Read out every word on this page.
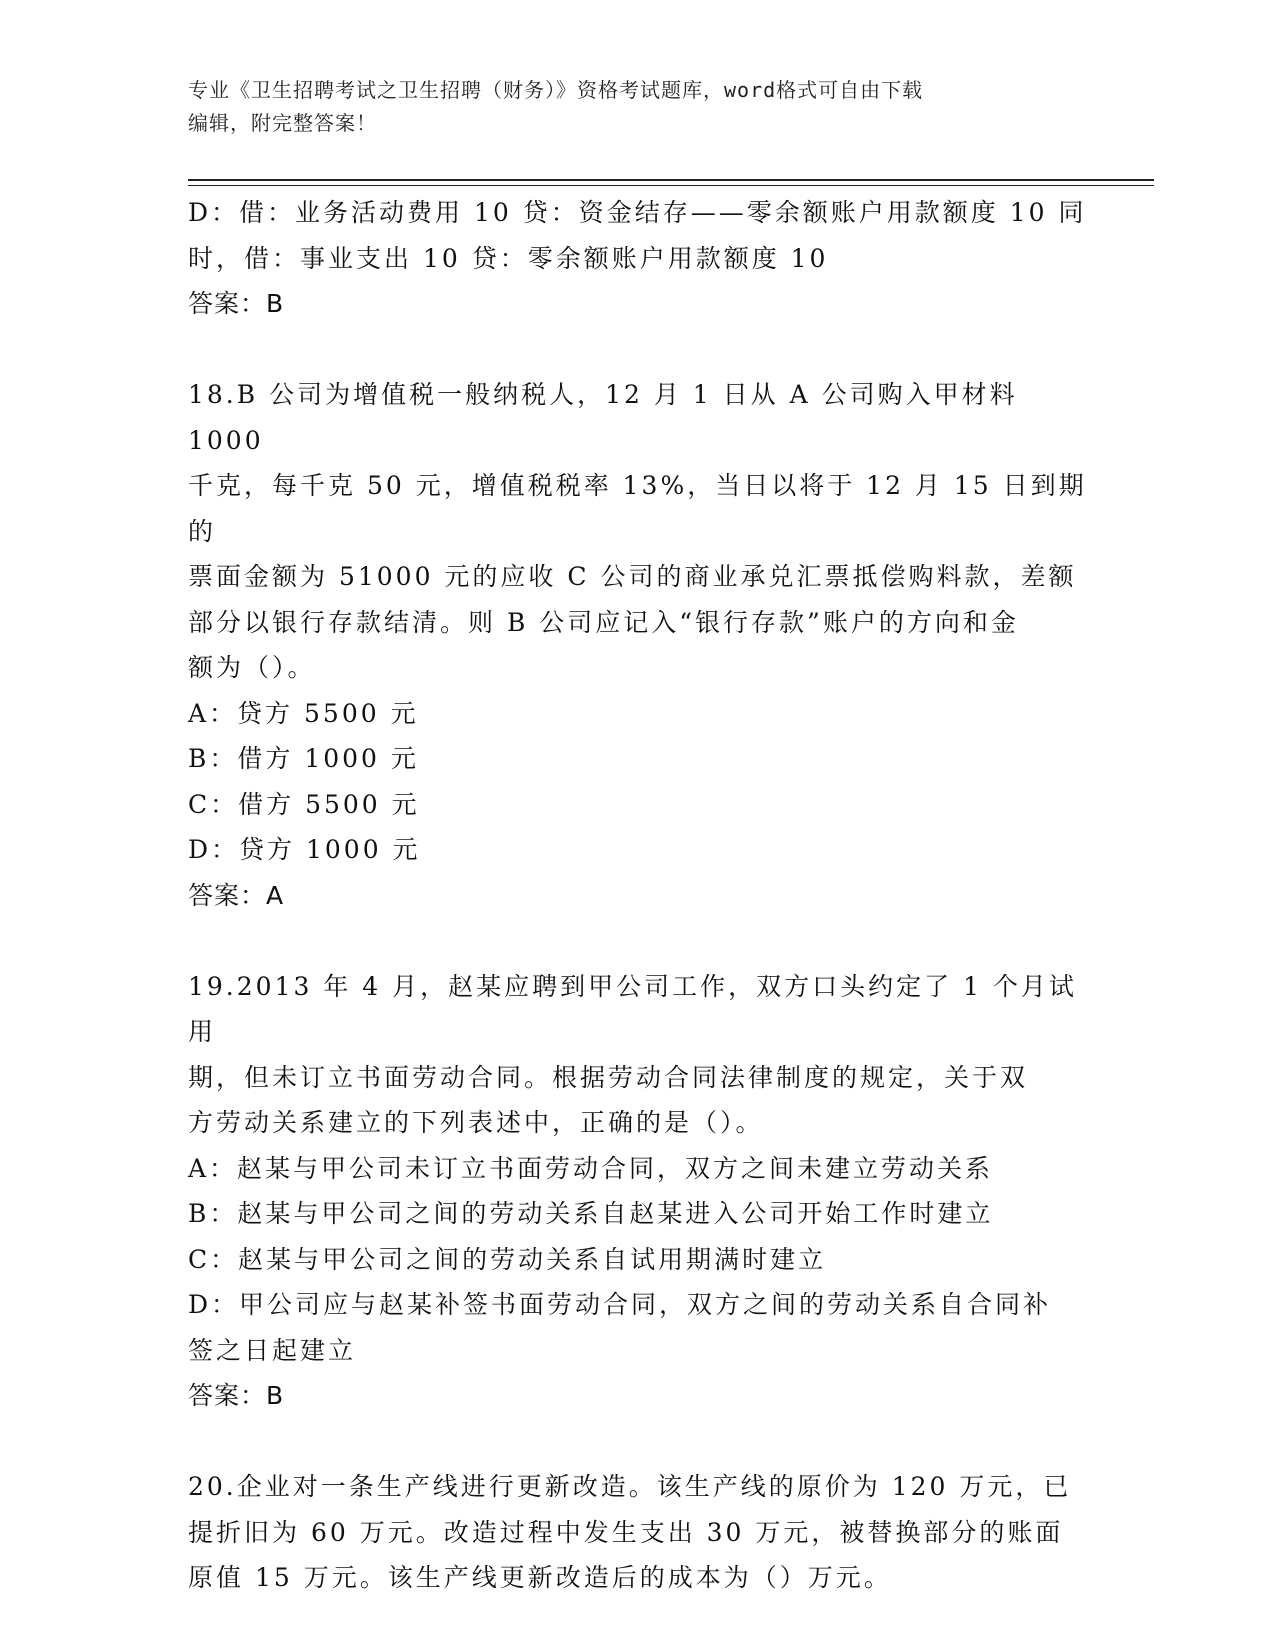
专业《卫生招聘考试之卫生招聘（财务）》资格考试题库，word格式可自由下载
编辑，附完整答案！

D：借：业务活动费用 10 贷：资金结存——零余额账户用款额度 10 同

时，借：事业支出 10 贷：零余额账户用款额度 10

答案：B

18.B 公司为增值税一般纳税人，12 月 1 日从 A 公司购入甲材料 1000

千克，每千克 50 元，增值税税率 13%，当日以将于 12 月 15 日到期的

票面金额为 51000 元的应收 C 公司的商业承兑汇票抵偿购料款，差额

部分以银行存款结清。则 B 公司应记入“银行存款”账户的方向和金

额为（）。

A：贷方 5500 元

B：借方 1000 元

C：借方 5500 元

D：贷方 1000 元

答案：A

19.2013 年 4 月，赵某应聘到甲公司工作，双方口头约定了 1 个月试用

期，但未订立书面劳动合同。根据劳动合同法律制度的规定，关于双

方劳动关系建立的下列表述中，正确的是（）。

A：赵某与甲公司未订立书面劳动合同，双方之间未建立劳动关系

B：赵某与甲公司之间的劳动关系自赵某进入公司开始工作时建立

C：赵某与甲公司之间的劳动关系自试用期满时建立

D：甲公司应与赵某补签书面劳动合同，双方之间的劳动关系自合同补

签之日起建立

答案：B

20.企业对一条生产线进行更新改造。该生产线的原价为 120 万元，已

提折旧为 60 万元。改造过程中发生支出 30 万元，被替换部分的账面

原值 15 万元。该生产线更新改造后的成本为（）万元。
